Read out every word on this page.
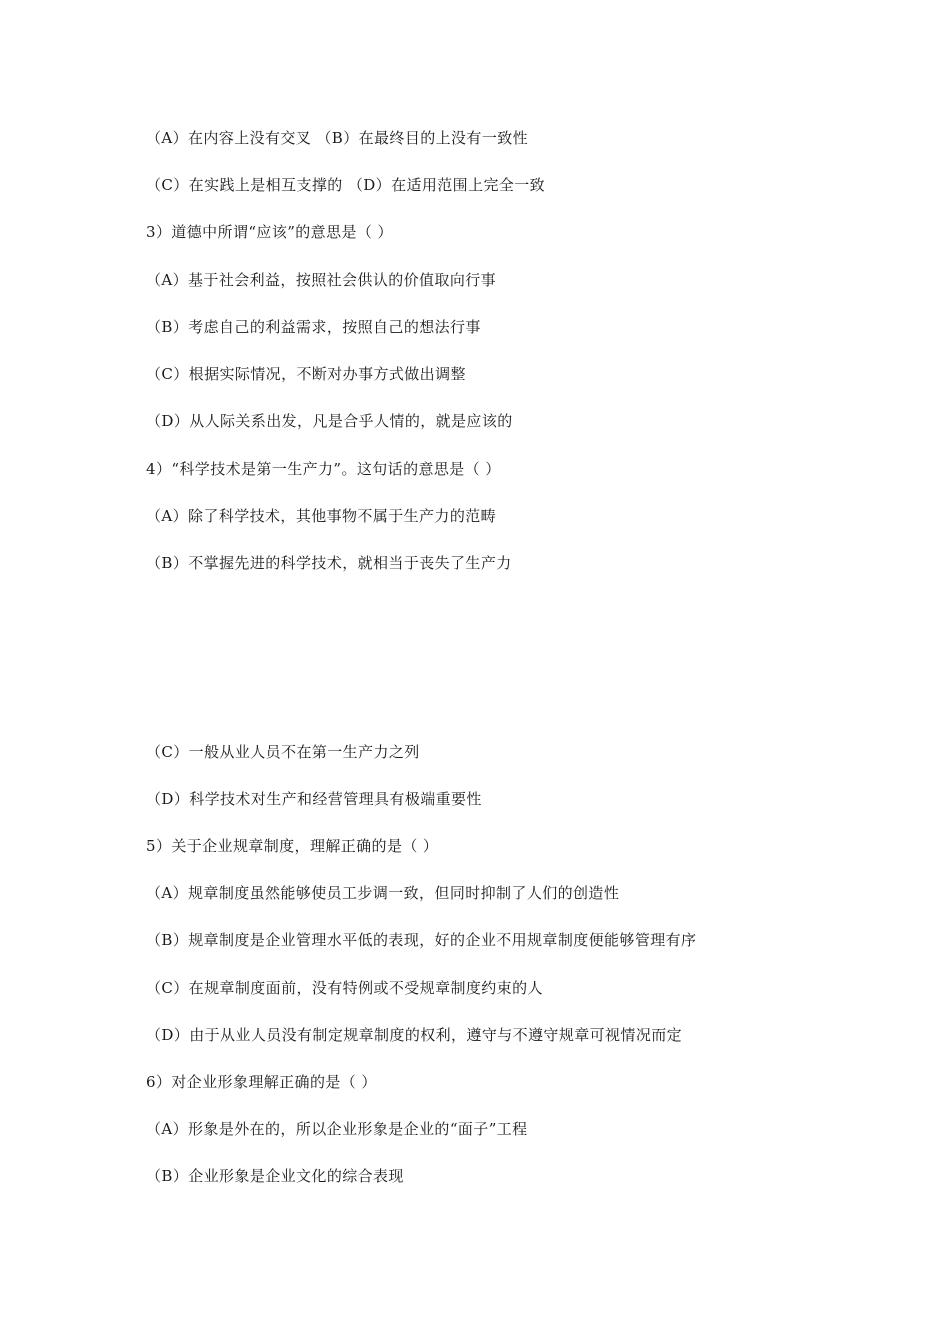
（A）在内容上没有交叉 （B）在最终目的上没有一致性
（C）在实践上是相互支撑的 （D）在适用范围上完全一致
3）道德中所谓“应该”的意思是（ ）
（A）基于社会利益，按照社会供认的价值取向行事
（B）考虑自己的利益需求，按照自己的想法行事
（C）根据实际情况，不断对办事方式做出调整
（D）从人际关系出发，凡是合乎人情的，就是应该的
4）“科学技术是第一生产力”。这句话的意思是（ ）
（A）除了科学技术，其他事物不属于生产力的范畴
（B）不掌握先进的科学技术，就相当于丧失了生产力
（C）一般从业人员不在第一生产力之列
（D）科学技术对生产和经营管理具有极端重要性
5）关于企业规章制度，理解正确的是（ ）
（A）规章制度虽然能够使员工步调一致，但同时抑制了人们的创造性
（B）规章制度是企业管理水平低的表现，好的企业不用规章制度便能够管理有序
（C）在规章制度面前，没有特例或不受规章制度约束的人
（D）由于从业人员没有制定规章制度的权利，遵守与不遵守规章可视情况而定
6）对企业形象理解正确的是（ ）
（A）形象是外在的，所以企业形象是企业的“面子”工程
（B）企业形象是企业文化的综合表现
